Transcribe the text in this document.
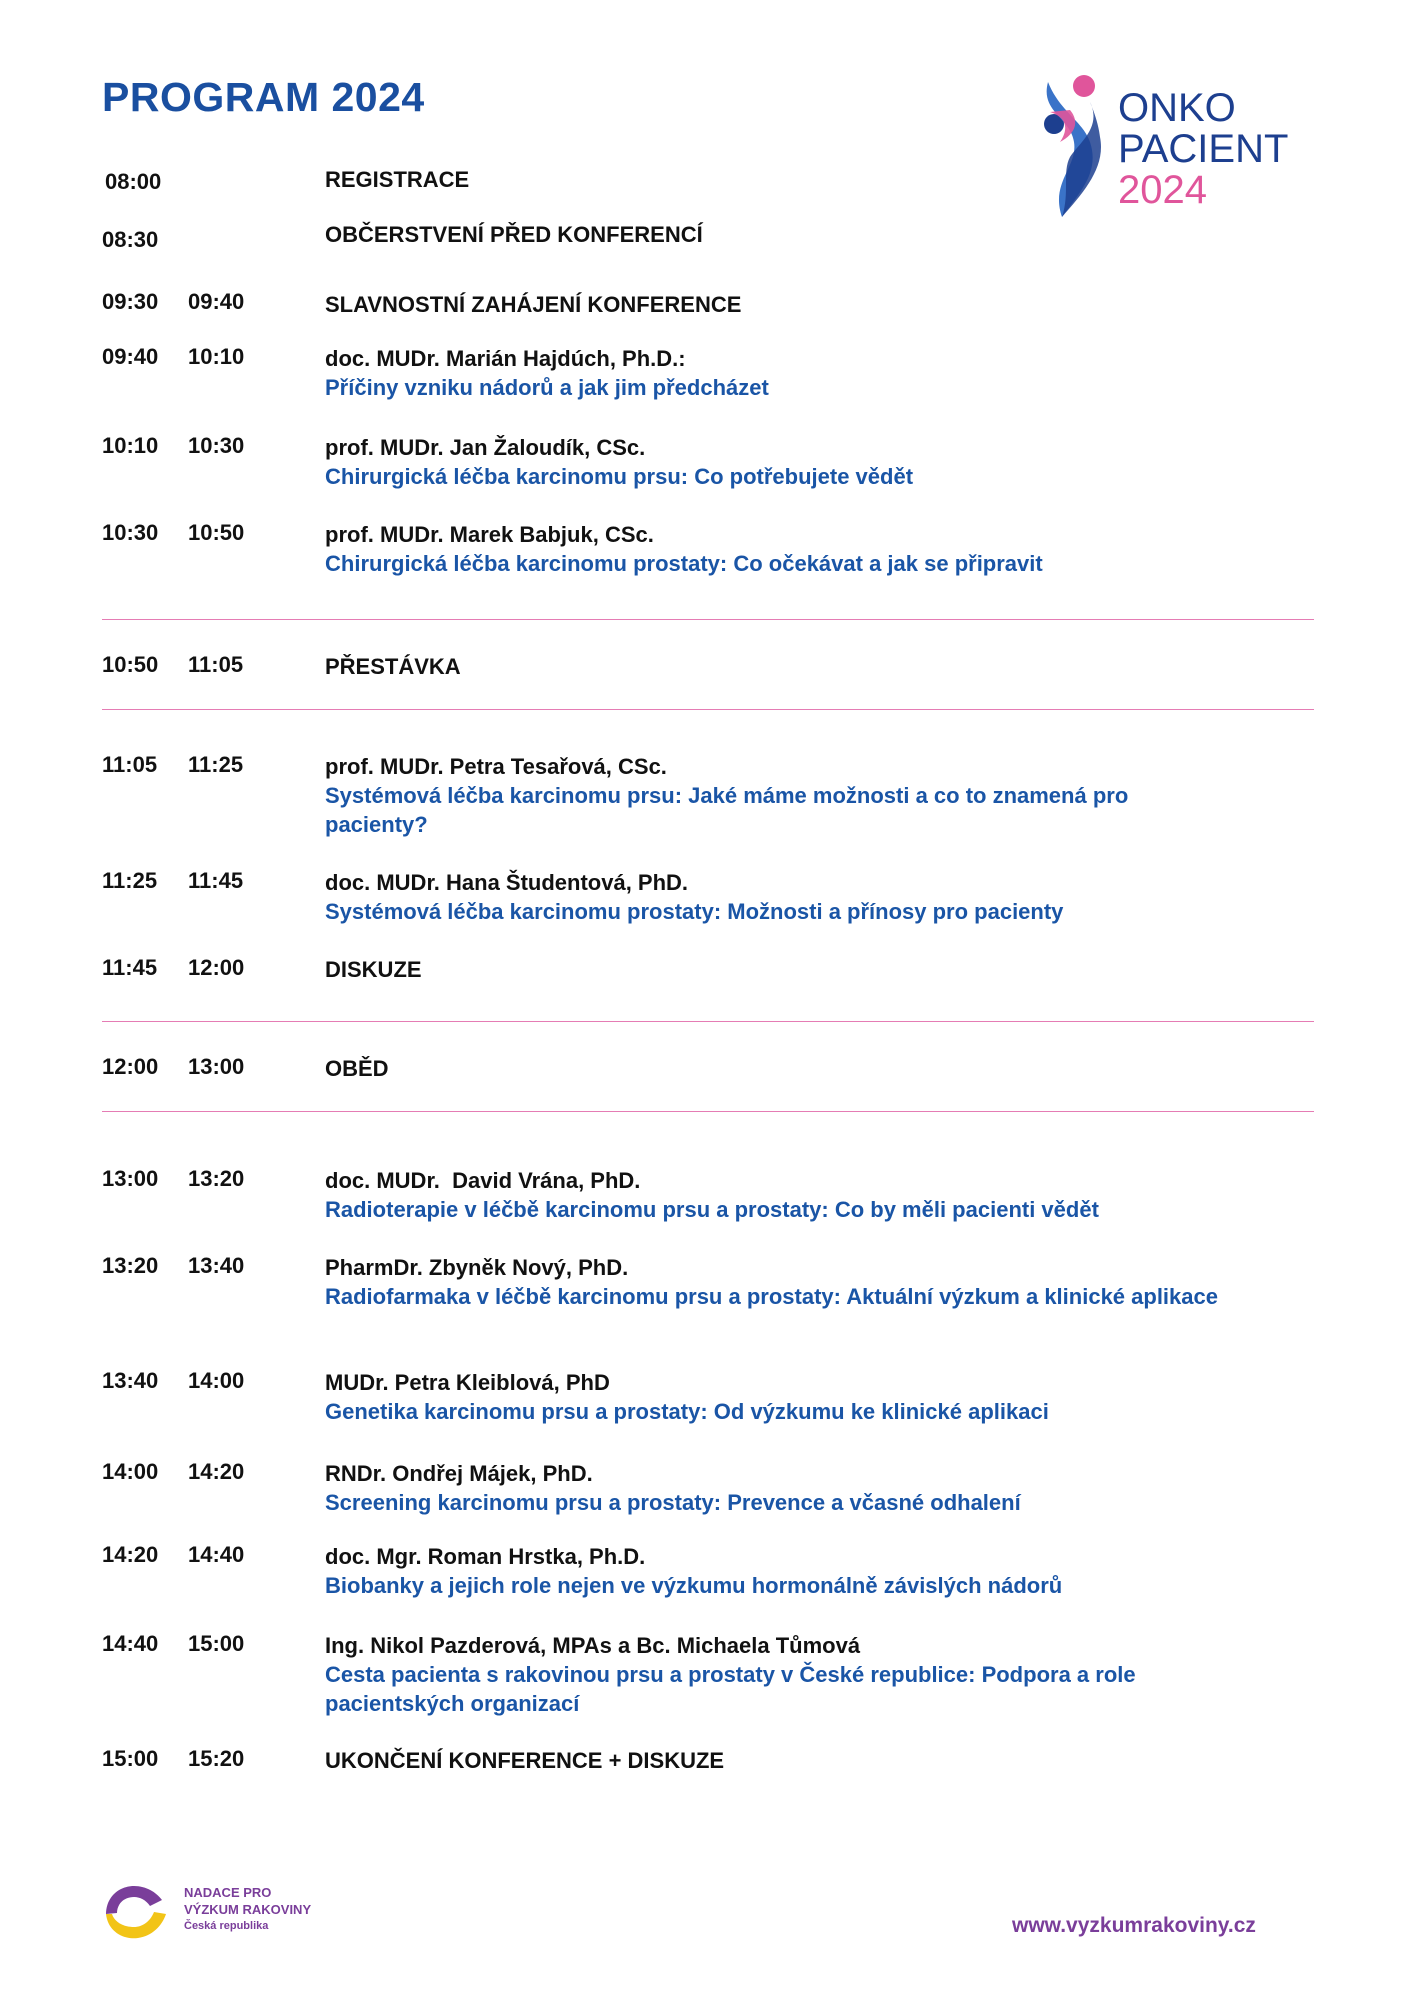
PROGRAM 2024	ONKO
PACIENT
2024
08:00	REGISTRACE
08:30	OBČERSTVENÍ PŘED KONFERENCÍ
09:30 09:40	SLAVNOSTNÍ ZAHÁJENÍ KONFERENCE
09:40 10:10	doc. MUDr. Marián Hajdúch, Ph.D.:
Příčiny vzniku nádorů a jak jim předcházet
10:10 10:30	prof. MUDr. Jan Žaloudík, CSc.
Chirurgická léčba karcinomu prsu: Co potřebujete vědět
10:30 10:50	prof. MUDr. Marek Babjuk, CSc.
Chirurgická léčba karcinomu prostaty: Co očekávat a jak se připravit
10:50 11:05	PŘESTÁVKA
11:05 11:25	prof. MUDr. Petra Tesařová, CSc.
Systémová léčba karcinomu prsu: Jaké máme možnosti a co to znamená pro pacienty?
11:25 11:45	doc. MUDr. Hana Študentová, PhD.
Systémová léčba karcinomu prostaty: Možnosti a přínosy pro pacienty
11:45 12:00	DISKUZE
12:00 13:00	OBĚD
13:00 13:20	doc. MUDr.  David Vrána, PhD.
Radioterapie v léčbě karcinomu prsu a prostaty: Co by měli pacienti vědět
13:20 13:40	PharmDr. Zbyněk Nový, PhD.
Radiofarmaka v léčbě karcinomu prsu a prostaty: Aktuální výzkum a klinické aplikace
13:40 14:00	MUDr. Petra Kleiblová, PhD
Genetika karcinomu prsu a prostaty: Od výzkumu ke klinické aplikaci
14:00 14:20	RNDr. Ondřej Májek, PhD.
Screening karcinomu prsu a prostaty: Prevence a včasné odhalení
14:20 14:40	doc. Mgr. Roman Hrstka, Ph.D.
Biobanky a jejich role nejen ve výzkumu hormonálně závislých nádorů
14:40 15:00	Ing. Nikol Pazderová, MPAs a Bc. Michaela Tůmová
Cesta pacienta s rakovinou prsu a prostaty v České republice: Podpora a role pacientských organizací
15:00 15:20	UKONČENÍ KONFERENCE + DISKUZE
NADACE PRO
VÝZKUM RAKOVINY
Česká republika	www.vyzkumrakoviny.cz
